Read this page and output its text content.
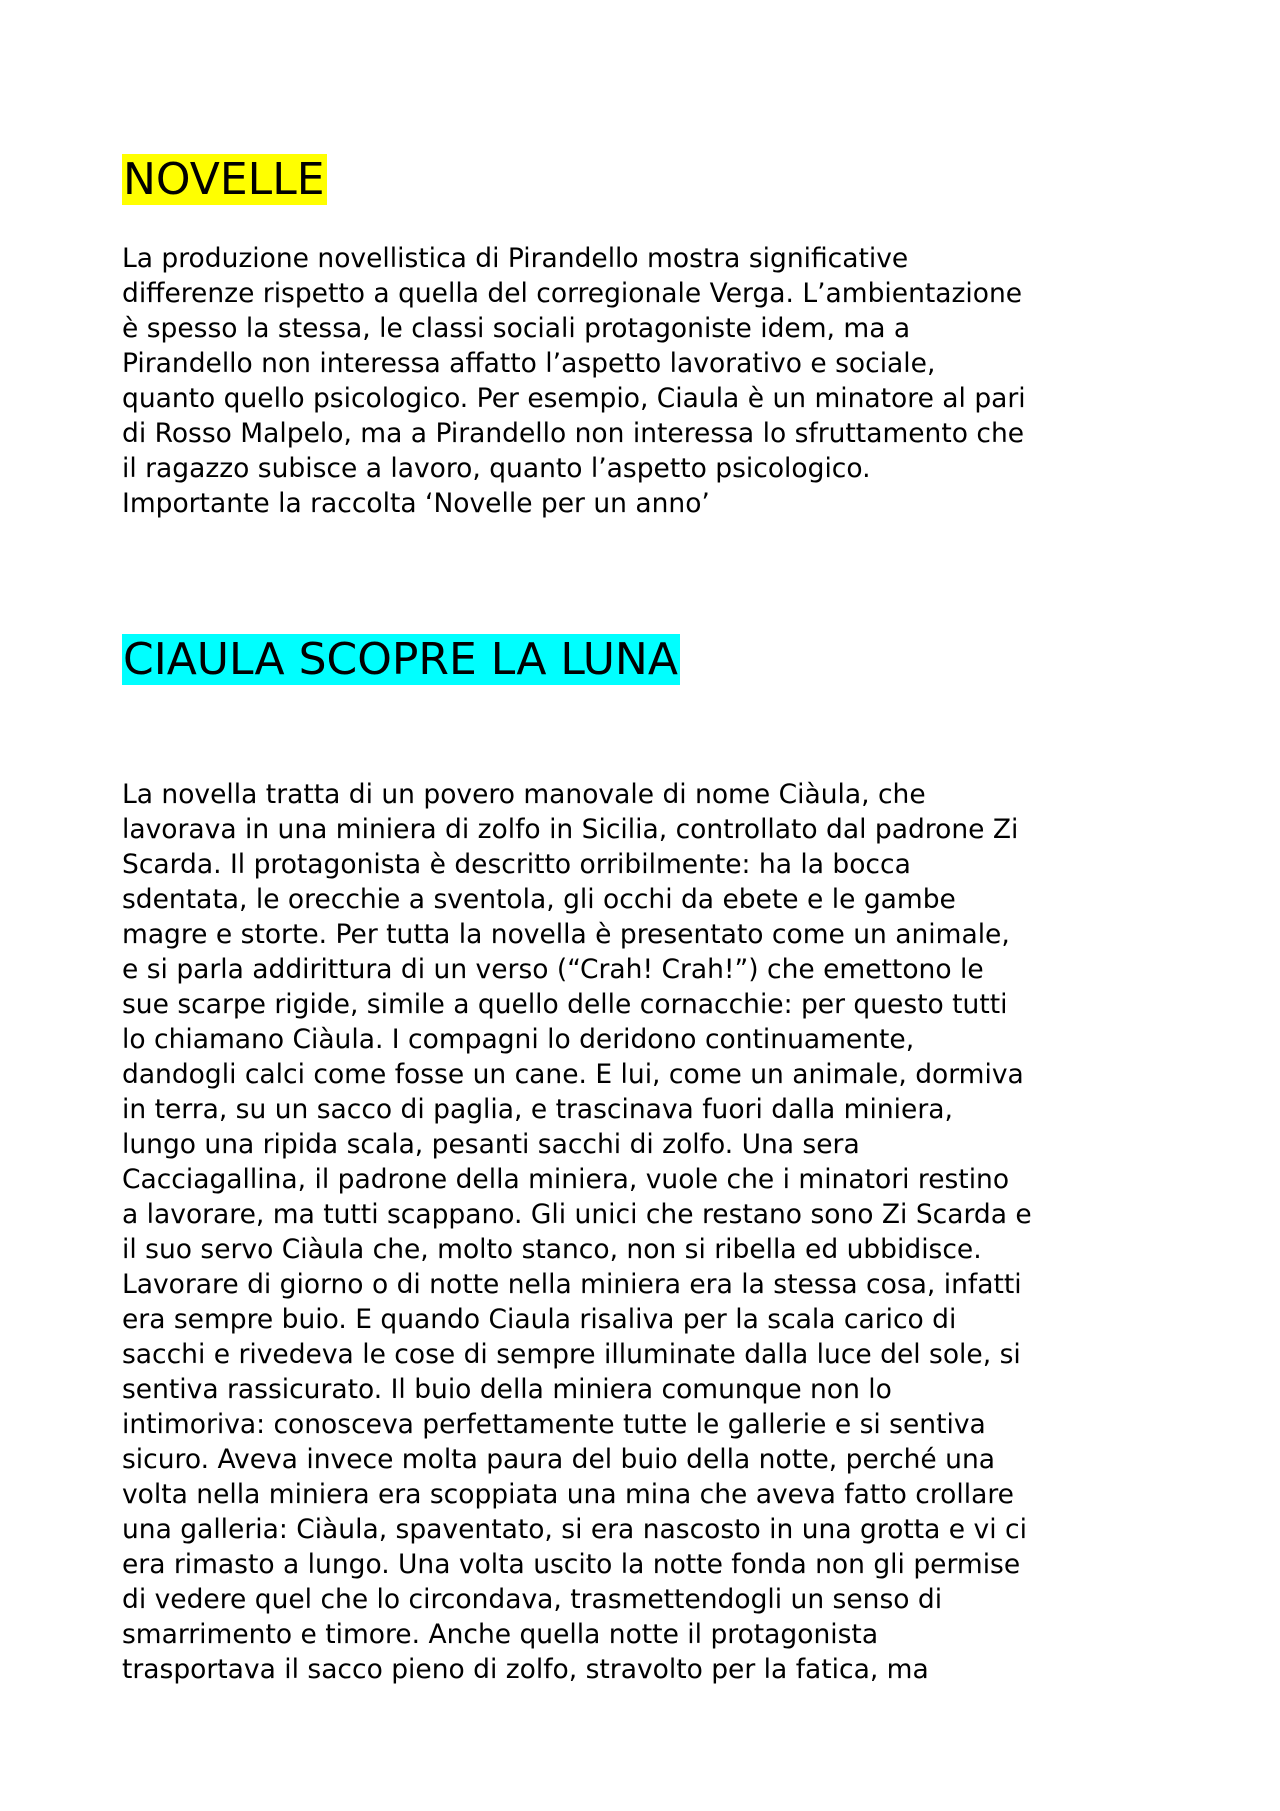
NOVELLE
La produzione novellistica di Pirandello mostra significative
differenze rispetto a quella del corregionale Verga. L’ambientazione
è spesso la stessa, le classi sociali protagoniste idem, ma a
Pirandello non interessa affatto l’aspetto lavorativo e sociale,
quanto quello psicologico. Per esempio, Ciaula è un minatore al pari
di Rosso Malpelo, ma a Pirandello non interessa lo sfruttamento che
il ragazzo subisce a lavoro, quanto l’aspetto psicologico.
Importante la raccolta ‘Novelle per un anno’
CIAULA SCOPRE LA LUNA
La novella tratta di un povero manovale di nome Ciàula, che
lavorava in una miniera di zolfo in Sicilia, controllato dal padrone Zi
Scarda. Il protagonista è descritto orribilmente: ha la bocca
sdentata, le orecchie a sventola, gli occhi da ebete e le gambe
magre e storte. Per tutta la novella è presentato come un animale,
e si parla addirittura di un verso (“Crah! Crah!”) che emettono le
sue scarpe rigide, simile a quello delle cornacchie: per questo tutti
lo chiamano Ciàula. I compagni lo deridono continuamente,
dandogli calci come fosse un cane. E lui, come un animale, dormiva
in terra, su un sacco di paglia, e trascinava fuori dalla miniera,
lungo una ripida scala, pesanti sacchi di zolfo. Una sera
Cacciagallina, il padrone della miniera, vuole che i minatori restino
a lavorare, ma tutti scappano. Gli unici che restano sono Zi Scarda e
il suo servo Ciàula che, molto stanco, non si ribella ed ubbidisce.
Lavorare di giorno o di notte nella miniera era la stessa cosa, infatti
era sempre buio. E quando Ciaula risaliva per la scala carico di
sacchi e rivedeva le cose di sempre illuminate dalla luce del sole, si
sentiva rassicurato. Il buio della miniera comunque non lo
intimoriva: conosceva perfettamente tutte le gallerie e si sentiva
sicuro. Aveva invece molta paura del buio della notte, perché una
volta nella miniera era scoppiata una mina che aveva fatto crollare
una galleria: Ciàula, spaventato, si era nascosto in una grotta e vi ci
era rimasto a lungo. Una volta uscito la notte fonda non gli permise
di vedere quel che lo circondava, trasmettendogli un senso di
smarrimento e timore. Anche quella notte il protagonista
trasportava il sacco pieno di zolfo, stravolto per la fatica, ma
